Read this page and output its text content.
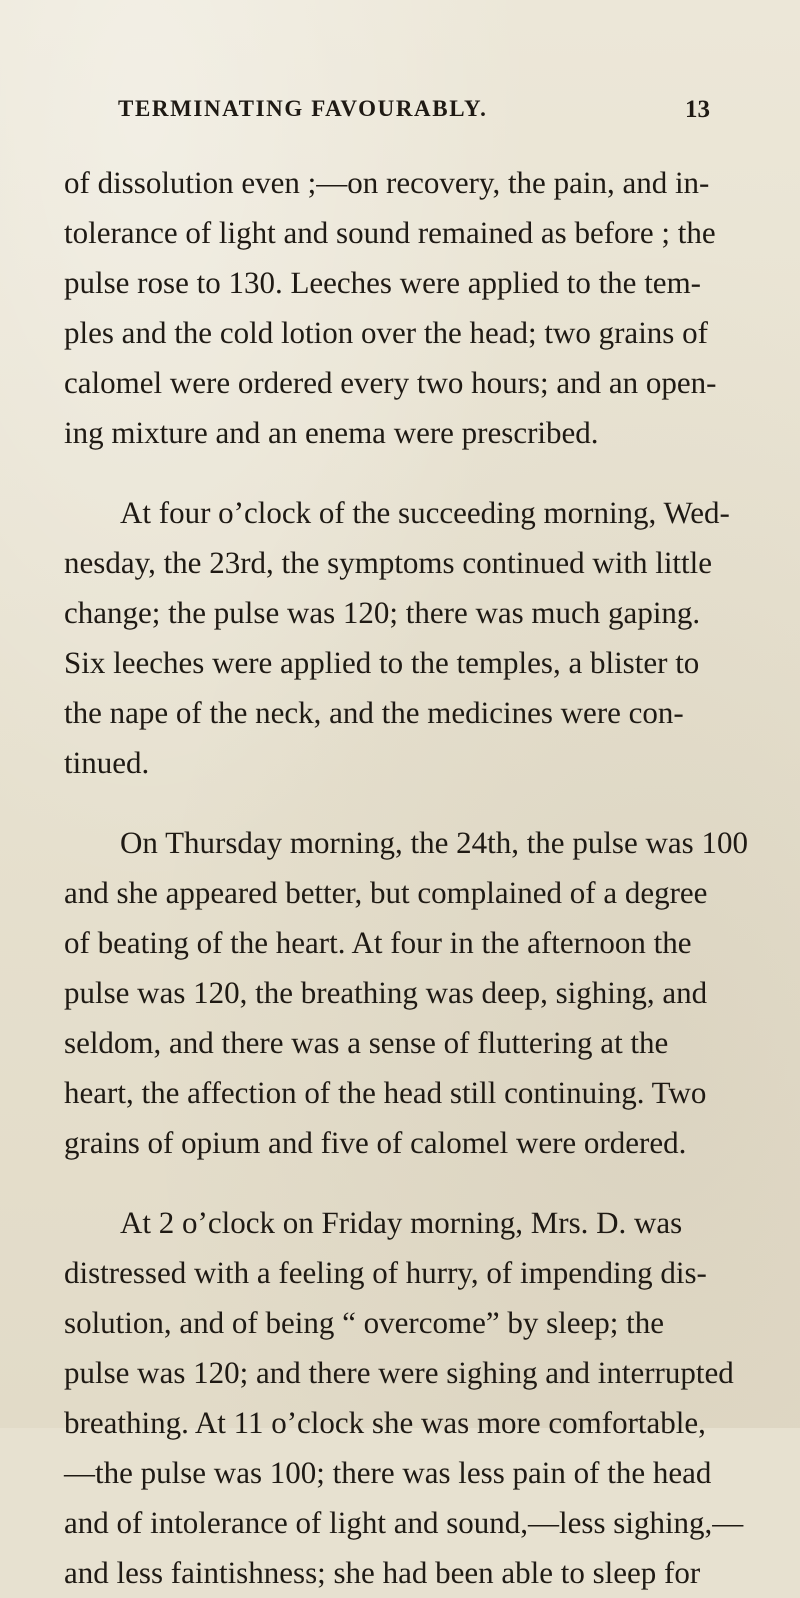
TERMINATING FAVOURABLY.	13
of dissolution even ;—on recovery, the pain, and in-
tolerance of light and sound remained as before ; the
pulse rose to 130. Leeches were applied to the tem-
ples and the cold lotion over the head; two grains of
calomel were ordered every two hours; and an open-
ing mixture and an enema were prescribed.
At four o’clock of the succeeding morning, Wed-
nesday, the 23rd, the symptoms continued with little
change; the pulse was 120; there was much gaping.
Six leeches were applied to the temples, a blister to
the nape of the neck, and the medicines were con-
tinued.
On Thursday morning, the 24th, the pulse was 100
and she appeared better, but complained of a degree
of beating of the heart. At four in the afternoon the
pulse was 120, the breathing was deep, sighing, and
seldom, and there was a sense of fluttering at the
heart, the affection of the head still continuing. Two
grains of opium and five of calomel were ordered.
At 2 o’clock on Friday morning, Mrs. D. was
distressed with a feeling of hurry, of impending dis-
solution, and of being “ overcome” by sleep; the
pulse was 120; and there were sighing and interrupted
breathing. At 11 o’clock she was more comfortable,
—the pulse was 100; there was less pain of the head
and of intolerance of light and sound,—less sighing,—
and less faintishness; she had been able to sleep for
